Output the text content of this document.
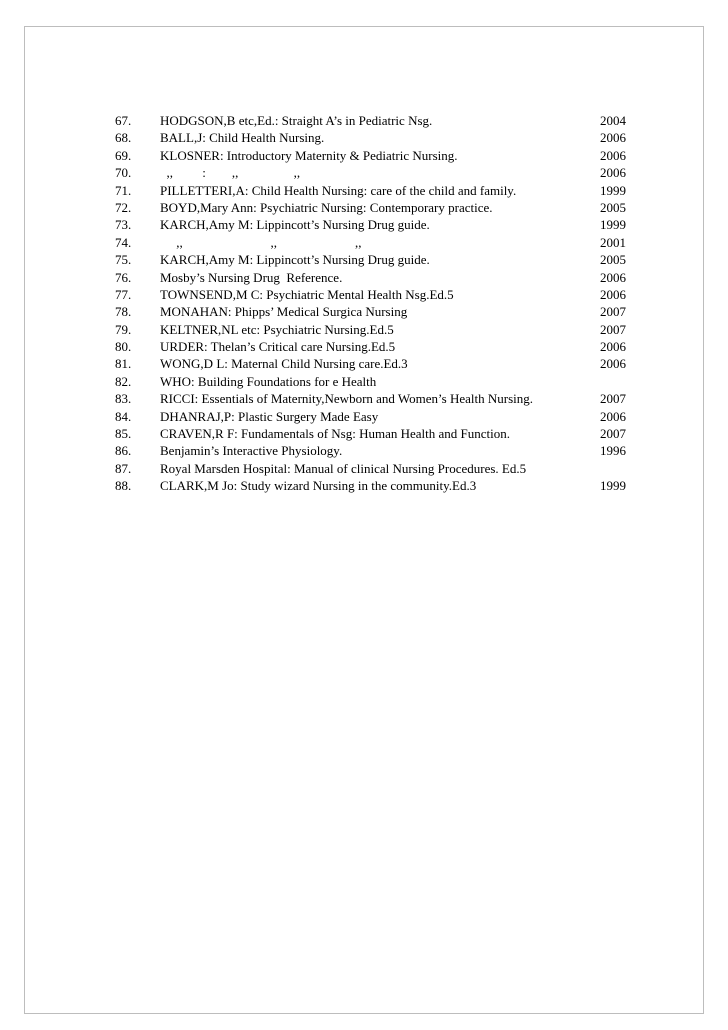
67. HODGSON,B etc,Ed.: Straight A’s in Pediatric Nsg.	2004
68. BALL,J: Child Health Nursing.	2006
69. KLOSNER: Introductory Maternity & Pediatric Nursing.	2006
70. ,,         :        ,,                 ,,	2006
71. PILLETTERI,A: Child Health Nursing: care of the child and family.	1999
72. BOYD,Mary Ann: Psychiatric Nursing: Contemporary practice.	2005
73. KARCH,Amy M: Lippincott’s Nursing Drug guide.	1999
74. ,,                           ,,                        ,,	2001
75. KARCH,Amy M: Lippincott’s Nursing Drug guide.	2005
76. Mosby’s Nursing Drug  Reference.	2006
77. TOWNSEND,M C: Psychiatric Mental Health Nsg.Ed.5	2006
78. MONAHAN: Phipps’ Medical Surgica Nursing	2007
79. KELTNER,NL etc: Psychiatric Nursing.Ed.5	2007
80. URDER: Thelan’s Critical care Nursing.Ed.5	2006
81. WONG,D L: Maternal Child Nursing care.Ed.3	2006
82. WHO: Building Foundations for e Health
83. RICCI: Essentials of Maternity,Newborn and Women’s Health Nursing.	2007
84. DHANRAJ,P: Plastic Surgery Made Easy	2006
85. CRAVEN,R F: Fundamentals of Nsg: Human Health and Function.	2007
86. Benjamin’s Interactive Physiology.	1996
87. Royal Marsden Hospital: Manual of clinical Nursing Procedures. Ed.5
88. CLARK,M Jo: Study wizard Nursing in the community.Ed.3	1999
